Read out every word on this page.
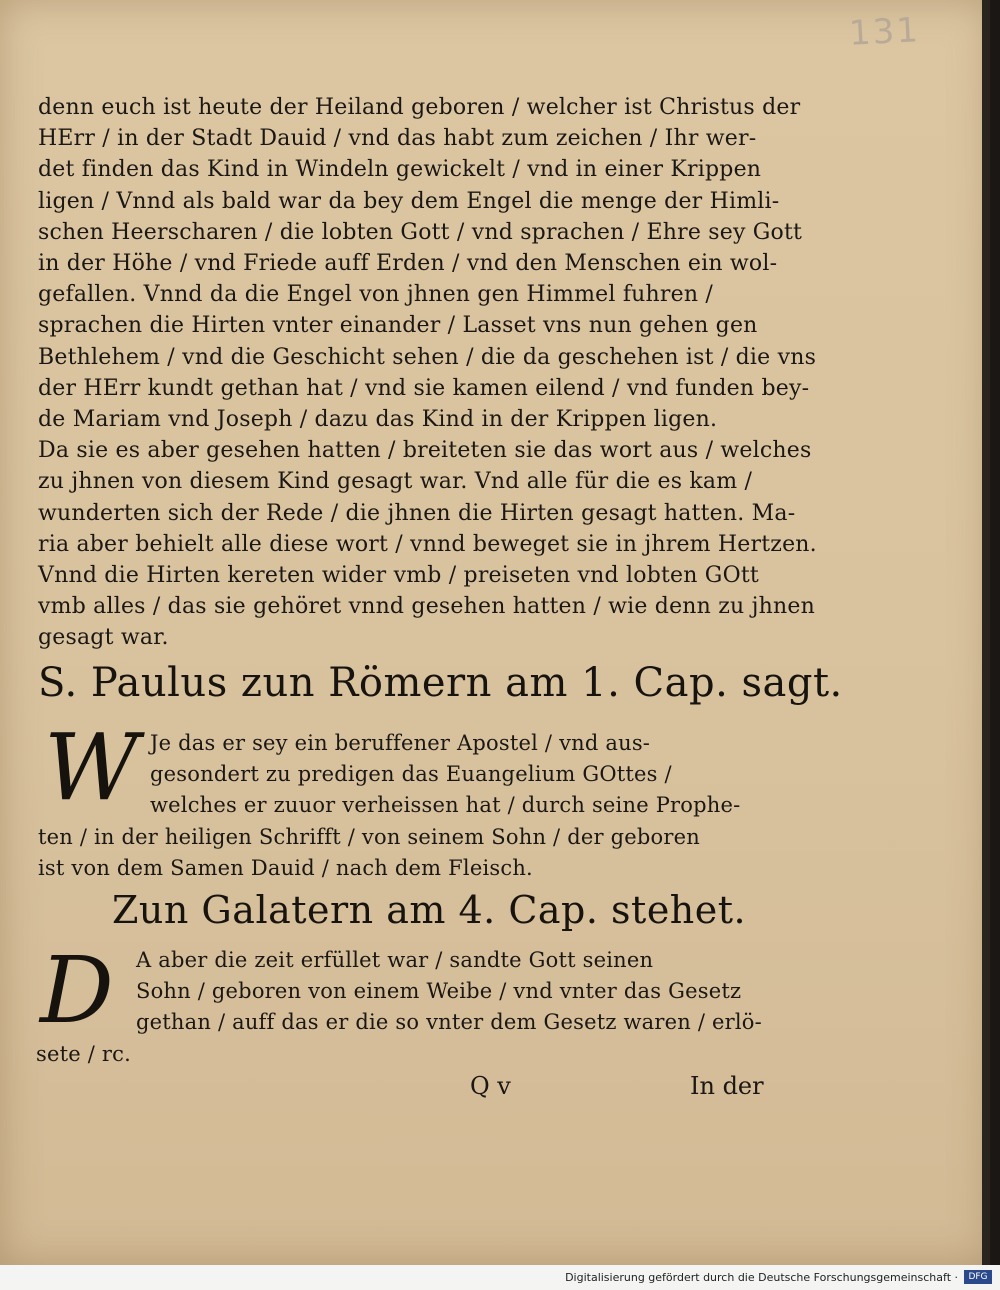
131
denn euch ist heute der Heiland geboren / welcher ist Christus der
HErr / in der Stadt Dauid / vnd das habt zum zeichen / Ihr wer-
det finden das Kind in Windeln gewickelt / vnd in einer Krippen
ligen / Vnnd als bald war da bey dem Engel die menge der Himli-
schen Heerscharen / die lobten Gott / vnd sprachen / Ehre sey Gott
in der Höhe / vnd Friede auff Erden / vnd den Menschen ein wol-
gefallen. Vnnd da die Engel von jhnen gen Himmel fuhren /
sprachen die Hirten vnter einander / Lasset vns nun gehen gen
Bethlehem / vnd die Geschicht sehen / die da geschehen ist / die vns
der HErr kundt gethan hat / vnd sie kamen eilend / vnd funden bey-
de Mariam vnd Joseph / dazu das Kind in der Krippen ligen.
Da sie es aber gesehen hatten / breiteten sie das wort aus / welches
zu jhnen von diesem Kind gesagt war. Vnd alle für die es kam /
wunderten sich der Rede / die jhnen die Hirten gesagt hatten. Ma-
ria aber behielt alle diese wort / vnnd beweget sie in jhrem Hertzen.
Vnnd die Hirten kereten wider vmb / preiseten vnd lobten GOtt
vmb alles / das sie gehöret vnnd gesehen hatten / wie denn zu jhnen
gesagt war.
S. Paulus zun Römern am 1. Cap. sagt.
W Je das er sey ein beruffener Apostel / vnd aus-
gesondert zu predigen das Euangelium GOttes /
welches er zuuor verheissen hat / durch seine Prophe-
ten / in der heiligen Schrifft / von seinem Sohn / der geboren
ist von dem Samen Dauid / nach dem Fleisch.
Zun Galatern am 4. Cap. stehet.
D A aber die zeit erfüllet war / sandte Gott seinen
Sohn / geboren von einem Weibe / vnd vnter das Gesetz
gethan / auff das er die so vnter dem Gesetz waren / erlö-
sete / rc.
Q v	In der
Digitalisierung gefördert durch die Deutsche Forschungsgemeinschaft ·	DFG
